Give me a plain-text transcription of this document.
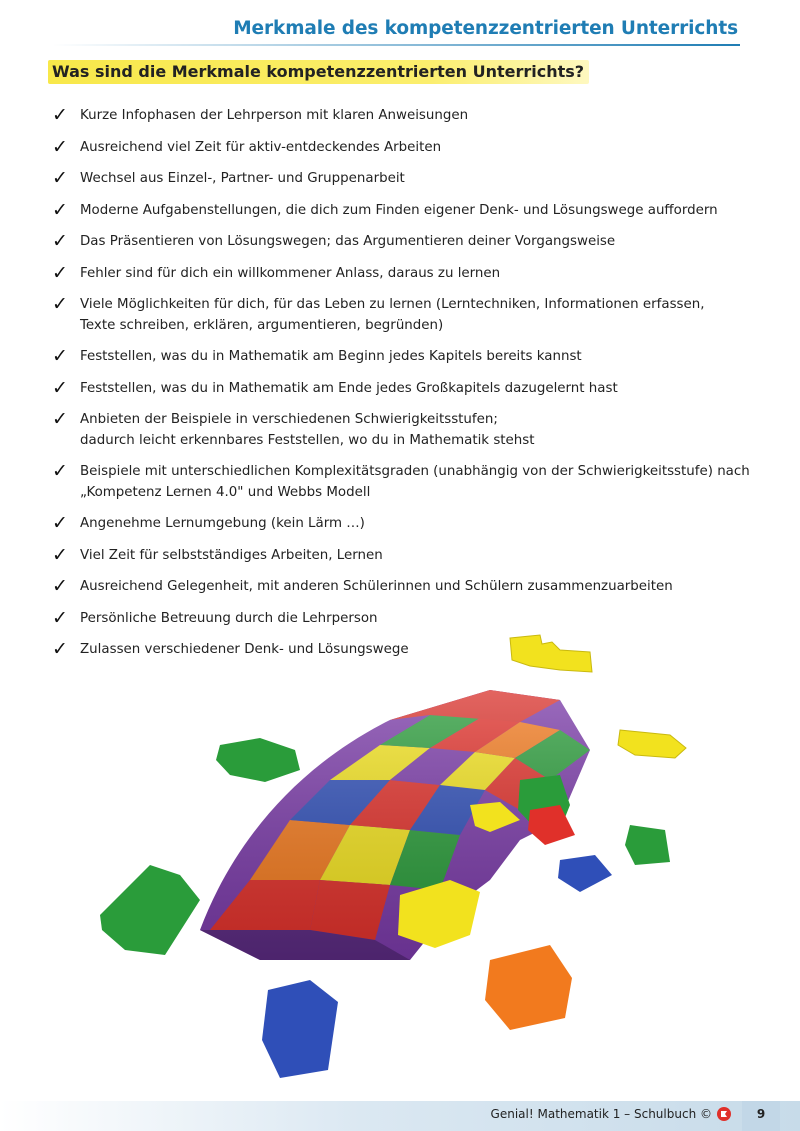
Merkmale des kompetenzzentrierten Unterrichts
Was sind die Merkmale kompetenzzentrierten Unterrichts?
✓ Kurze Infophasen der Lehrperson mit klaren Anweisungen
✓ Ausreichend viel Zeit für aktiv-entdeckendes Arbeiten
✓ Wechsel aus Einzel-, Partner- und Gruppenarbeit
✓ Moderne Aufgabenstellungen, die dich zum Finden eigener Denk- und Lösungswege auffordern
✓ Das Präsentieren von Lösungswegen; das Argumentieren deiner Vorgangsweise
✓ Fehler sind für dich ein willkommener Anlass, daraus zu lernen
✓ Viele Möglichkeiten für dich, für das Leben zu lernen (Lerntechniken, Informationen erfassen,
Texte schreiben, erklären, argumentieren, begründen)
✓ Feststellen, was du in Mathematik am Beginn jedes Kapitels bereits kannst
✓ Feststellen, was du in Mathematik am Ende jedes Großkapitels dazugelernt hast
✓ Anbieten der Beispiele in verschiedenen Schwierigkeitsstufen;
dadurch leicht erkennbares Feststellen, wo du in Mathematik stehst
✓ Beispiele mit unterschiedlichen Komplexitätsgraden (unabhängig von der Schwierigkeitsstufe) nach
„Kompetenz Lernen 4.0" und Webbs Modell
✓ Angenehme Lernumgebung (kein Lärm …)
✓ Viel Zeit für selbstständiges Arbeiten, Lernen
✓ Ausreichend Gelegenheit, mit anderen Schülerinnen und Schülern zusammenzuarbeiten
✓ Persönliche Betreuung durch die Lehrperson
✓ Zulassen verschiedener Denk- und Lösungswege
Genial! Mathematik 1 – Schulbuch ©	9
